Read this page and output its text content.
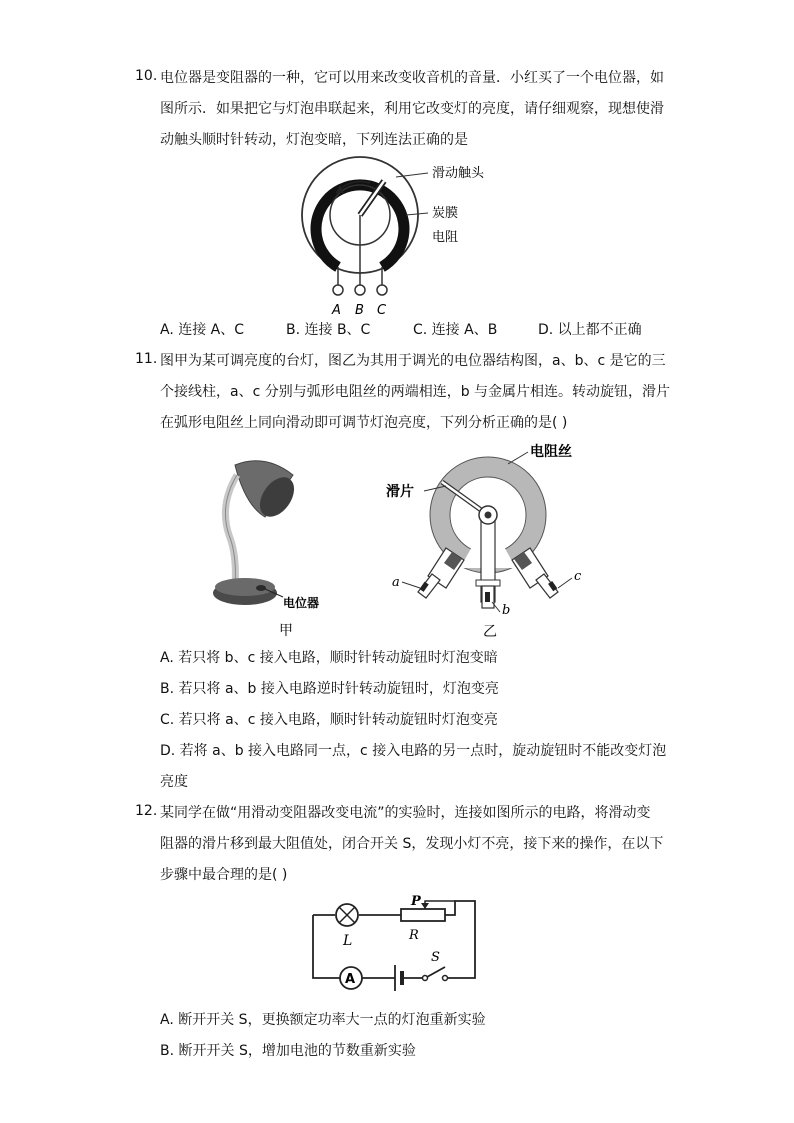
10. 电位器是变阻器的一种，它可以用来改变收音机的音量．小红买了一个电位器，如
图所示．如果把它与灯泡串联起来，利用它改变灯的亮度，请仔细观察，现想使滑
动触头顺时针转动，灯泡变暗，下列连法正确的是
A B C
滑动触头
炭膜
电阻
A. 连接 A、C	B. 连接 B、C	C. 连接 A、B	D. 以上都不正确
11. 图甲为某可调亮度的台灯，图乙为其用于调光的电位器结构图，a、b、c 是它的三
个接线柱，a、c 分别与弧形电阻丝的两端相连，b 与金属片相连。转动旋钮，滑片
在弧形电阻丝上同向滑动即可调节灯泡亮度，下列分析正确的是( )
电位器
甲
电阻丝
滑片
a	c
b
乙
A. 若只将 b、c 接入电路，顺时针转动旋钮时灯泡变暗
B. 若只将 a、b 接入电路逆时针转动旋钮时，灯泡变亮
C. 若只将 a、c 接入电路，顺时针转动旋钮时灯泡变亮
D. 若将 a、b 接入电路同一点，c 接入电路的另一点时，旋动旋钮时不能改变灯泡
亮度
12. 某同学在做“用滑动变阻器改变电流”的实验时，连接如图所示的电路，将滑动变
阻器的滑片移到最大阻值处，闭合开关 S，发现小灯不亮，接下来的操作，在以下
步骤中最合理的是( )
L
P
R
A
S
A. 断开开关 S，更换额定功率大一点的灯泡重新实验
B. 断开开关 S，增加电池的节数重新实验
